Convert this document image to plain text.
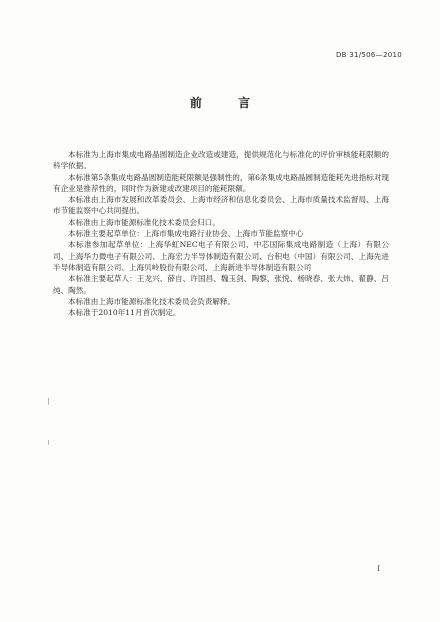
DB 31/506—2010
前 言

本标准为上海市集成电路晶圆制造企业改造或建造，提供规范化与标准化的评价审核能耗限额的科学依据。

本标准第5条集成电路晶圆制造能耗限额是强制性的，第6条集成电路晶圆制造能耗先进指标对现有企业是推荐性的，同时作为新建或改建项目的能耗限额。

本标准由上海市发展和改革委员会、上海市经济和信息化委员会、上海市质量技术监督局、上海市节能监察中心共同提出。

本标准由上海市能源标准化技术委员会归口。

本标准主要起草单位：上海市集成电路行业协会、上海市节能监察中心

本标准参加起草单位：上海华虹NEC电子有限公司、中芯国际集成电路制造（上海）有限公司、上海华力微电子有限公司、上海宏力半导体制造有限公司、台积电（中国）有限公司、上海先进半导体制造有限公司、上海贝岭股份有限公司、上海新进半导体制造有限公司

本标准主要起草人：王龙兴、薛自、许国昌、魏玉剑、陶黎、张悦、杨晓春、张大炜、翟静、吕纯、陶然。

本标准由上海市能源标准化技术委员会负责解释。

本标准于2010年11月首次制定。

I
